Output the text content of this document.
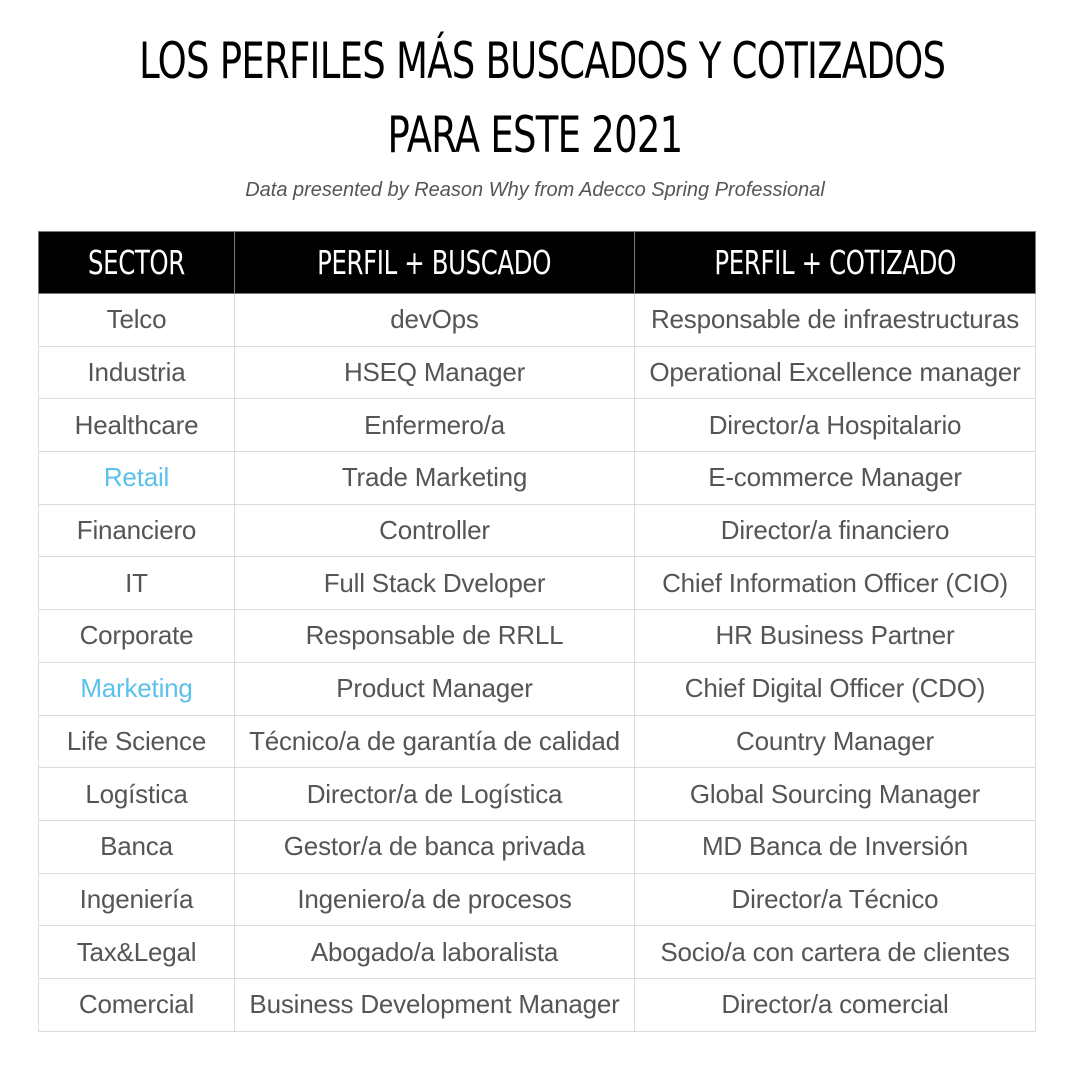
LOS PERFILES MÁS BUSCADOS Y COTIZADOS
PARA ESTE 2021

Data presented by Reason Why from Adecco Spring Professional

SECTOR	PERFIL + BUSCADO	PERFIL + COTIZADO
Telco	devOps	Responsable de infraestructuras
Industria	HSEQ Manager	Operational Excellence manager
Healthcare	Enfermero/a	Director/a Hospitalario
Retail	Trade Marketing	E-commerce Manager
Financiero	Controller	Director/a financiero
IT	Full Stack Dveloper	Chief Information Officer (CIO)
Corporate	Responsable de RRLL	HR Business Partner
Marketing	Product Manager	Chief Digital Officer (CDO)
Life Science	Técnico/a de garantía de calidad	Country Manager
Logística	Director/a de Logística	Global Sourcing Manager
Banca	Gestor/a de banca privada	MD Banca de Inversión
Ingeniería	Ingeniero/a de procesos	Director/a Técnico
Tax&Legal	Abogado/a laboralista	Socio/a con cartera de clientes
Comercial	Business Development Manager	Director/a comercial
